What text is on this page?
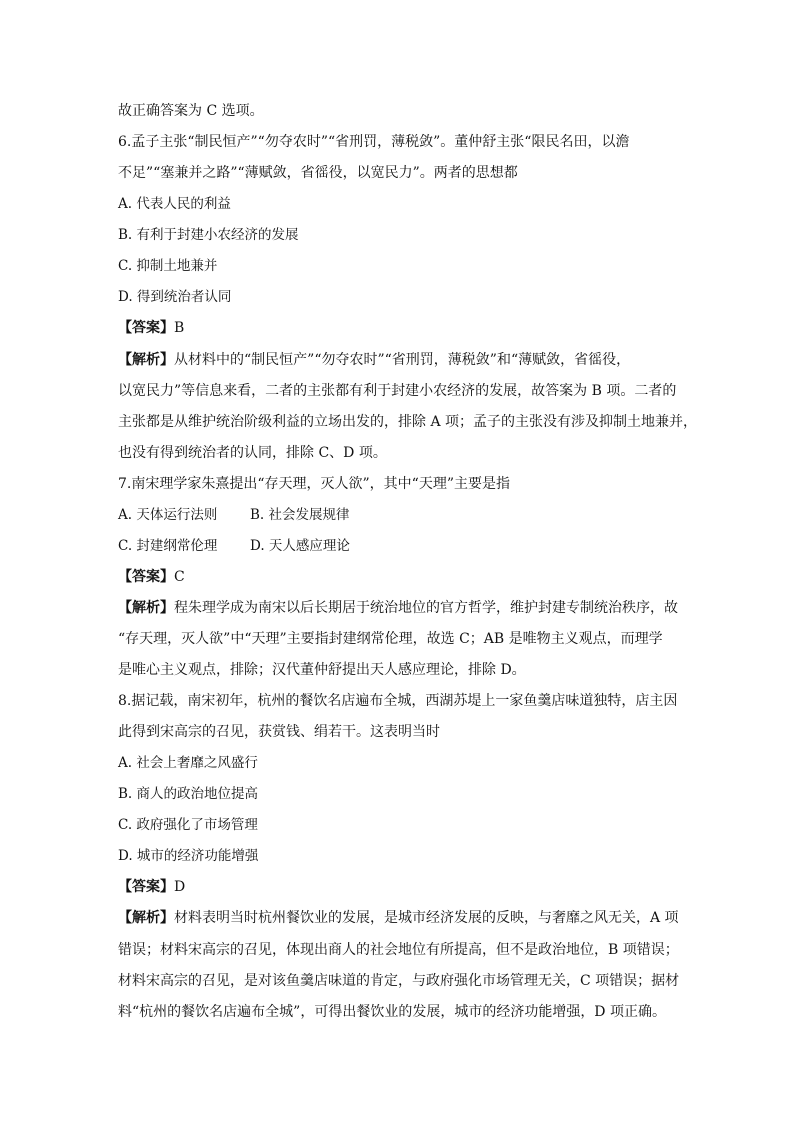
故正确答案为 C 选项。
6.孟子主张“制民恒产”“勿夺农时”“省刑罚，薄税敛”。董仲舒主张“限民名田，以澹
不足”“塞兼并之路”“薄赋敛，省徭役，以宽民力”。两者的思想都
A. 代表人民的利益
B. 有利于封建小农经济的发展
C. 抑制土地兼并
D. 得到统治者认同
【答案】B
【解析】从材料中的“制民恒产”“勿夺农时”“省刑罚，薄税敛”和“薄赋敛，省徭役，
以宽民力”等信息来看，二者的主张都有利于封建小农经济的发展，故答案为 B 项。二者的
主张都是从维护统治阶级利益的立场出发的，排除 A 项；孟子的主张没有涉及抑制土地兼并，
也没有得到统治者的认同，排除 C、D 项。
7.南宋理学家朱熹提出“存天理，灭人欲”，其中“天理”主要是指
A. 天体运行法则 B. 社会发展规律
C. 封建纲常伦理 D. 天人感应理论
【答案】C
【解析】程朱理学成为南宋以后长期居于统治地位的官方哲学，维护封建专制统治秩序，故
“存天理，灭人欲”中“天理”主要指封建纲常伦理，故选 C；AB 是唯物主义观点，而理学
是唯心主义观点，排除；汉代董仲舒提出天人感应理论，排除 D。
8.据记载，南宋初年，杭州的餐饮名店遍布全城，西湖苏堤上一家鱼羹店味道独特，店主因
此得到宋高宗的召见，获赏钱、绢若干。这表明当时
A. 社会上奢靡之风盛行
B. 商人的政治地位提高
C. 政府强化了市场管理
D. 城市的经济功能增强
【答案】D
【解析】材料表明当时杭州餐饮业的发展，是城市经济发展的反映，与奢靡之风无关，A 项
错误；材料宋高宗的召见，体现出商人的社会地位有所提高，但不是政治地位，B 项错误；
材料宋高宗的召见，是对该鱼羹店味道的肯定，与政府强化市场管理无关，C 项错误；据材
料“杭州的餐饮名店遍布全城”，可得出餐饮业的发展，城市的经济功能增强，D 项正确。
